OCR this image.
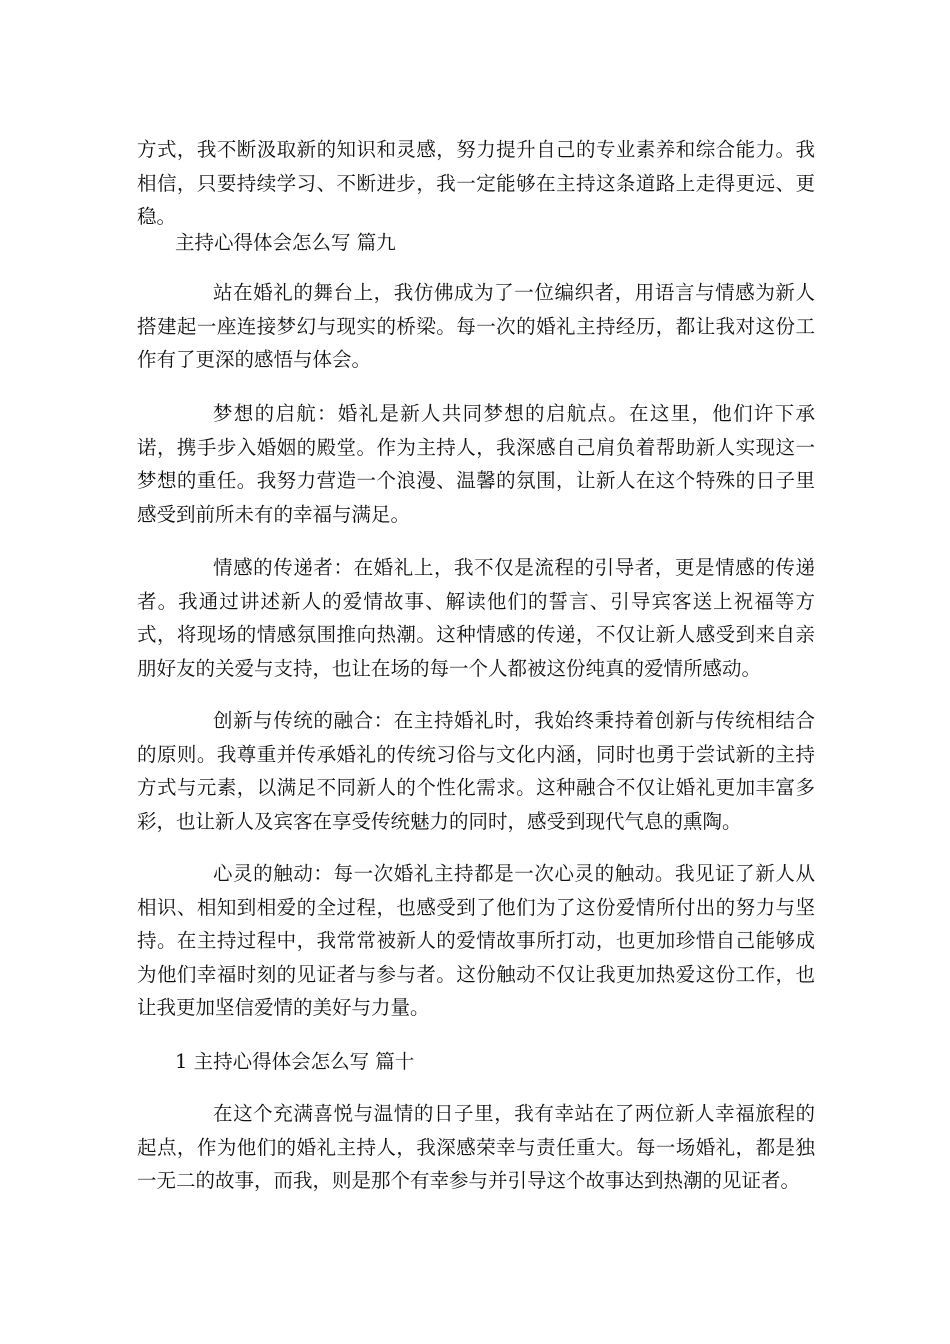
方式，我不断汲取新的知识和灵感，努力提升自己的专业素养和综合能力。我相信，只要持续学习、不断进步，我一定能够在主持这条道路上走得更远、更稳。

主持心得体会怎么写 篇九

站在婚礼的舞台上，我仿佛成为了一位编织者，用语言与情感为新人搭建起一座连接梦幻与现实的桥梁。每一次的婚礼主持经历，都让我对这份工作有了更深的感悟与体会。

梦想的启航：婚礼是新人共同梦想的启航点。在这里，他们许下承诺，携手步入婚姻的殿堂。作为主持人，我深感自己肩负着帮助新人实现这一梦想的重任。我努力营造一个浪漫、温馨的氛围，让新人在这个特殊的日子里感受到前所未有的幸福与满足。

情感的传递者：在婚礼上，我不仅是流程的引导者，更是情感的传递者。我通过讲述新人的爱情故事、解读他们的誓言、引导宾客送上祝福等方式，将现场的情感氛围推向热潮。这种情感的传递，不仅让新人感受到来自亲朋好友的关爱与支持，也让在场的每一个人都被这份纯真的爱情所感动。

创新与传统的融合：在主持婚礼时，我始终秉持着创新与传统相结合的原则。我尊重并传承婚礼的传统习俗与文化内涵，同时也勇于尝试新的主持方式与元素，以满足不同新人的个性化需求。这种融合不仅让婚礼更加丰富多彩，也让新人及宾客在享受传统魅力的同时，感受到现代气息的熏陶。

心灵的触动：每一次婚礼主持都是一次心灵的触动。我见证了新人从相识、相知到相爱的全过程，也感受到了他们为了这份爱情所付出的努力与坚持。在主持过程中，我常常被新人的爱情故事所打动，也更加珍惜自己能够成为他们幸福时刻的见证者与参与者。这份触动不仅让我更加热爱这份工作，也让我更加坚信爱情的美好与力量。

1 主持心得体会怎么写 篇十

在这个充满喜悦与温情的日子里，我有幸站在了两位新人幸福旅程的起点，作为他们的婚礼主持人，我深感荣幸与责任重大。每一场婚礼，都是独一无二的故事，而我，则是那个有幸参与并引导这个故事达到热潮的见证者。
